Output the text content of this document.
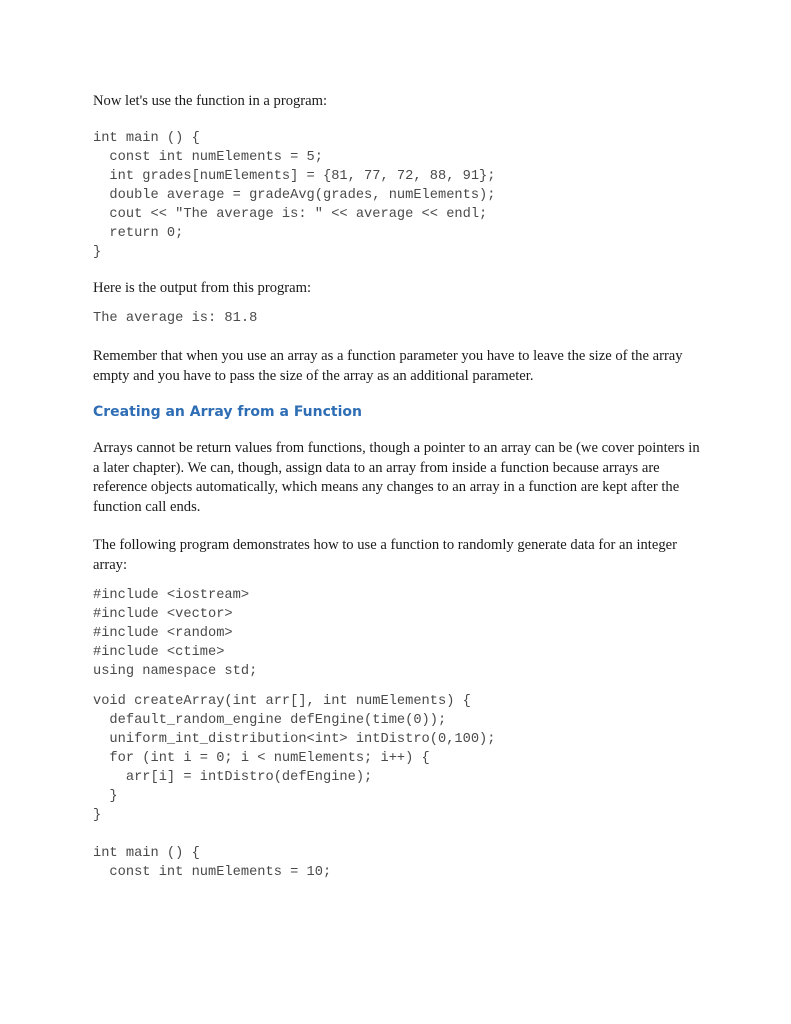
Now let's use the function in a program:

int main () {
const int numElements = 5;
int grades[numElements] = {81, 77, 72, 88, 91};
double average = gradeAvg(grades, numElements);
cout << "The average is: " << average << endl;
return 0;
}

Here is the output from this program:

The average is: 81.8

Remember that when you use an array as a function parameter you have to leave the size of the array empty and you have to pass the size of the array as an additional parameter.

Creating an Array from a Function

Arrays cannot be return values from functions, though a pointer to an array can be (we cover pointers in a later chapter). We can, though, assign data to an array from inside a function because arrays are reference objects automatically, which means any changes to an array in a function are kept after the function call ends.

The following program demonstrates how to use a function to randomly generate data for an integer array:

#include <iostream>
#include <vector>
#include <random>
#include <ctime>
using namespace std;
void createArray(int arr[], int numElements) {
default_random_engine defEngine(time(0));
uniform_int_distribution<int> intDistro(0,100);
for (int i = 0; i < numElements; i++) {
arr[i] = intDistro(defEngine);
}
}
int main () {
const int numElements = 10;
